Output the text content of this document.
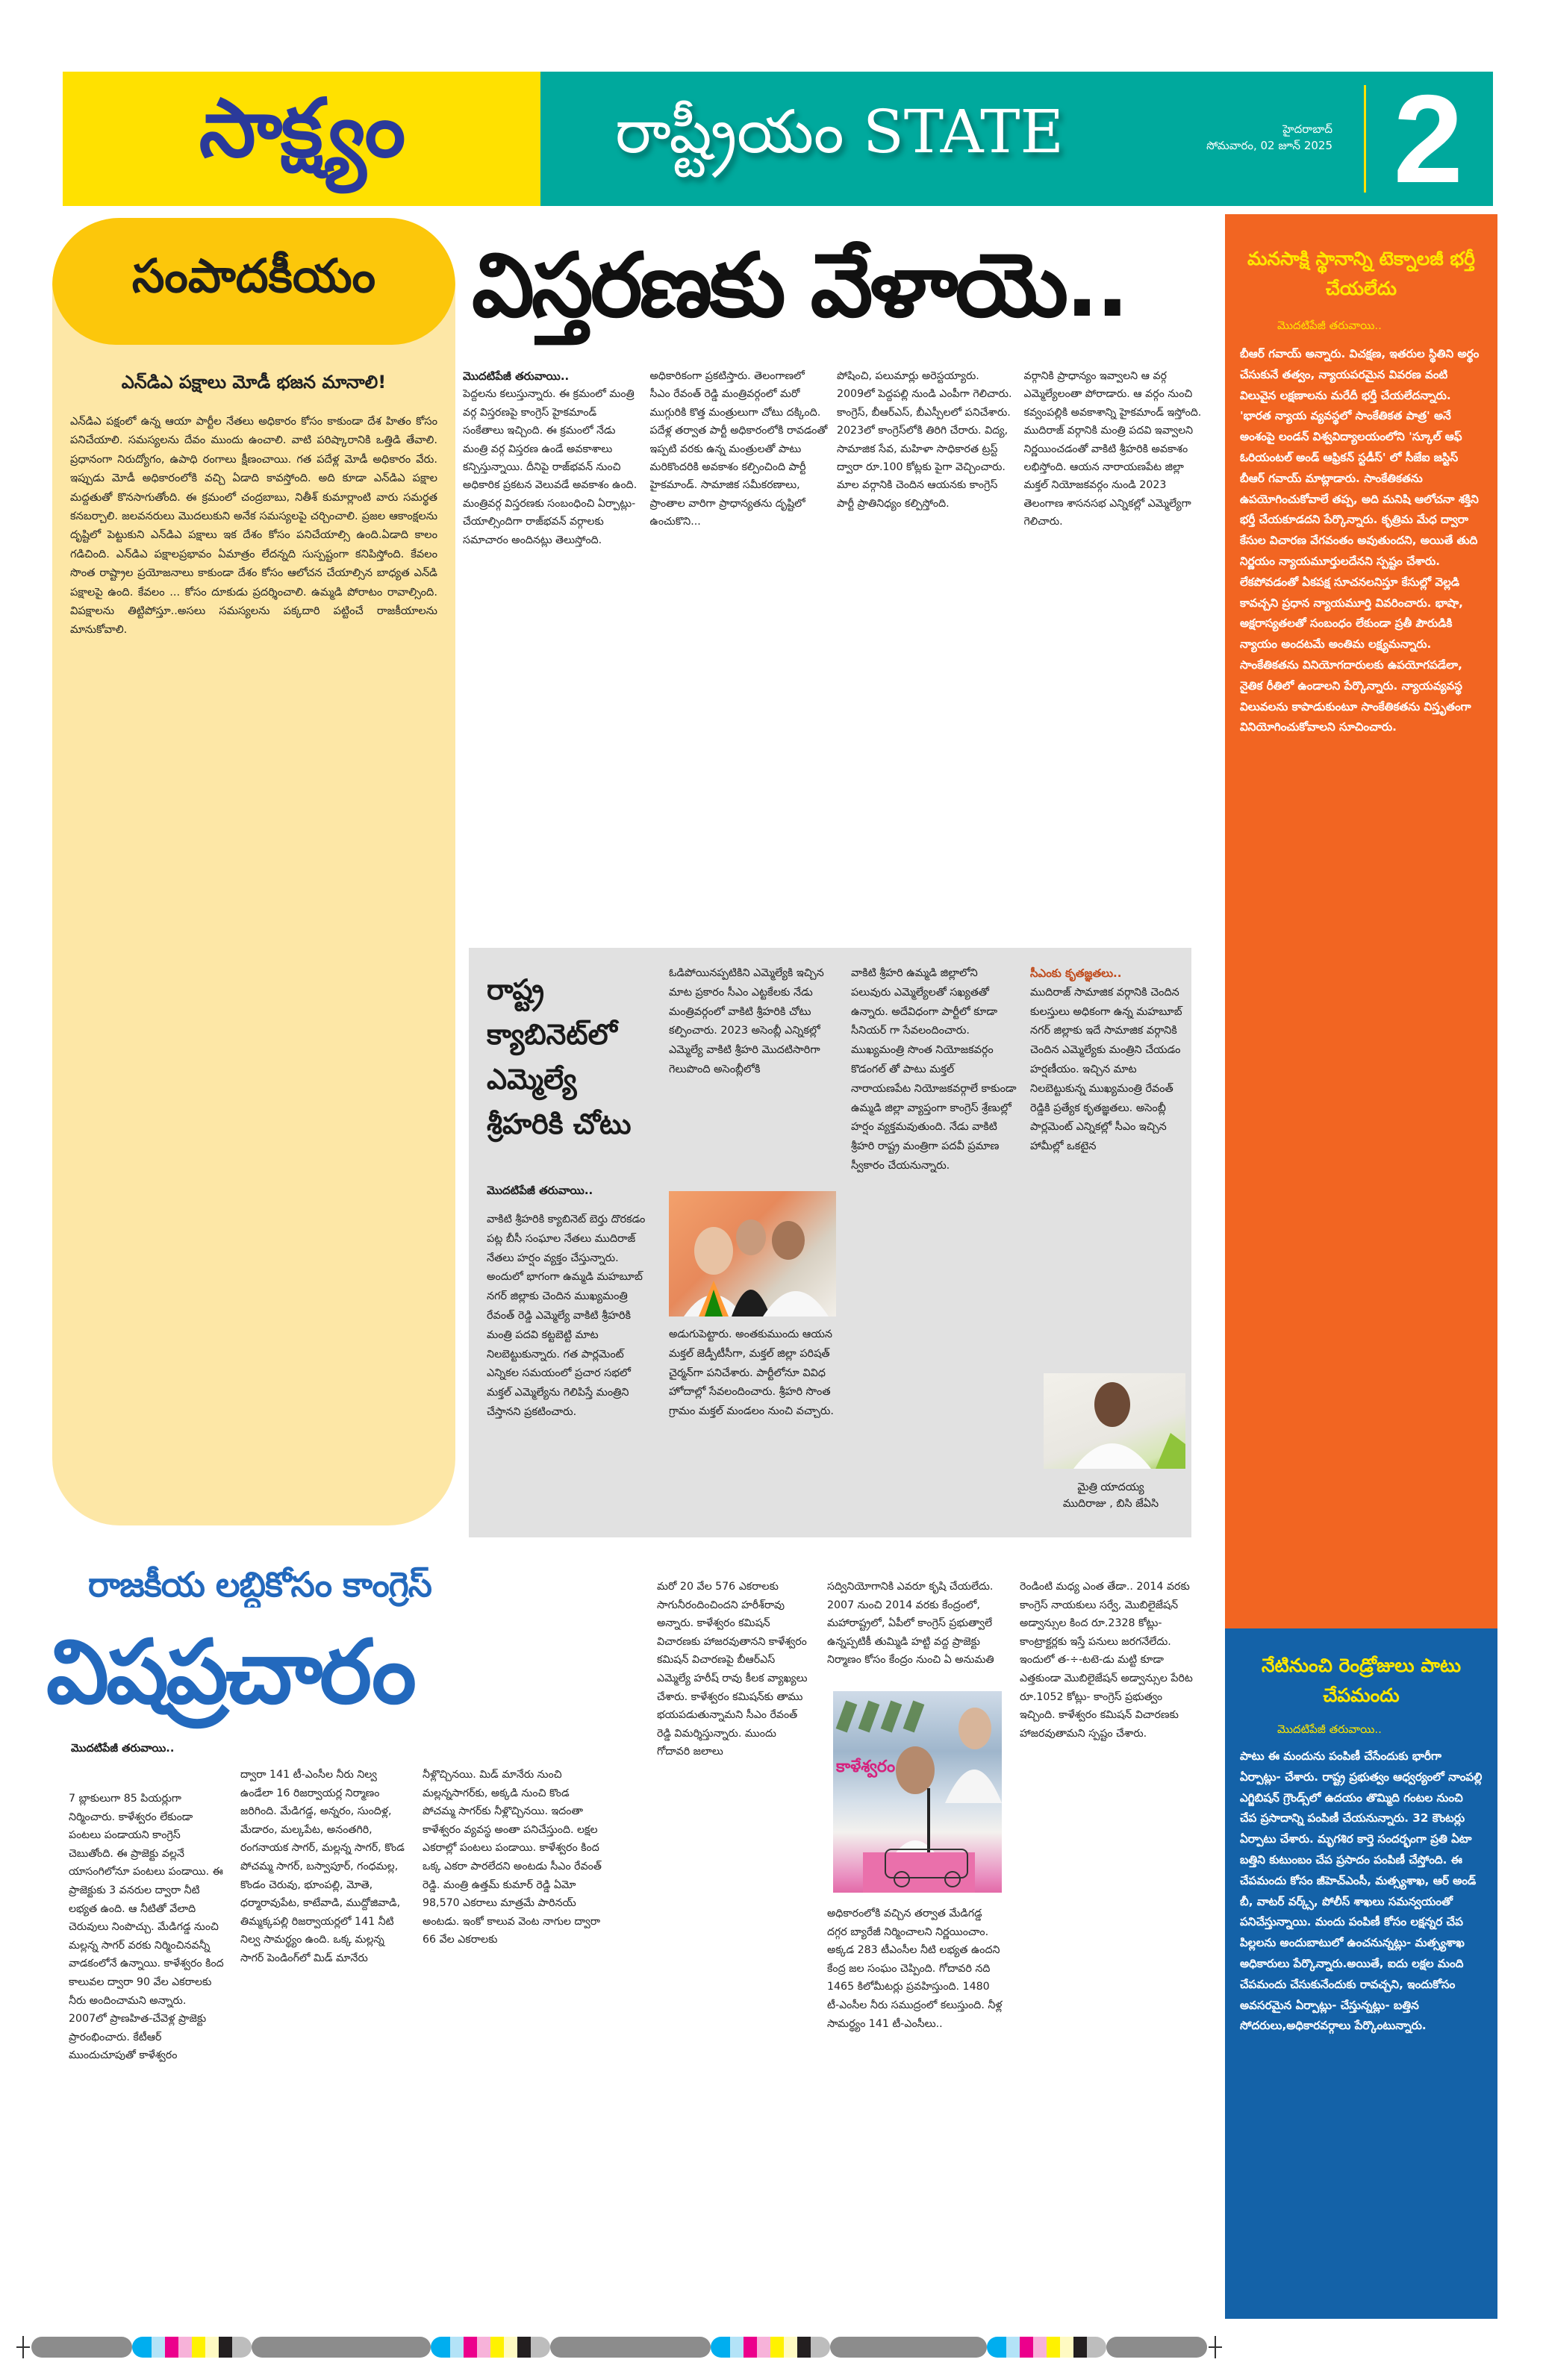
సాక్ష్యం	రాష్ట్రీయం STATE	హైదరాబాద్
సోమవారం, 02 జూన్ 2025 2
సంపాదకీయం
ఎన్‌డిఎ పక్షాలు మోడీ భజన మానాలి!

ఎన్‌డిఎ పక్షంలో ఉన్న ఆయా పార్టీల నేతలు అధికారం కోసం కాకుండా దేశ హితం కోసం పనిచేయాలి. సమస్యలను దేవం ముందు ఉంచాలి. వాటి పరిష్కారానికి ఒత్తిడి తేవాలి. ప్రధానంగా నిరుద్యోగం, ఉపాధి రంగాలు క్షీణంచాయి. గత పదేళ్ల మోడీ అధికారం వేరు. ఇప్పుడు మోడీ అధికారంలోకి వచ్చి ఏడాది కావస్తోంది. అది కూడా ఎన్‌డిఎ పక్షాల మద్దతుతో కొనసాగుతోంది. ఈ క్రమంలో చంద్రబాబు, నితీశ్ కుమార్లాంటి వారు సమర్థత కనబర్చాలి. జలవనరులు మొదలుకుని అనేక సమస్యలపై చర్చించాలి. ప్రజల ఆకాంక్షలను దృష్టిలో పెట్టుకుని ఎన్‌డిఎ పక్షాలు ఇక దేశం కోసం పనిచేయాల్సి ఉంది.ఏడాది కాలం గడిచింది. ఎన్‌డిఎ పక్షాలప్రభావం ఏమాత్రం లేదన్నది సుస్పష్టంగా కనిపిస్తోంది. కేవలం సొంత రాష్ట్రాల ప్రయోజనాలు కాకుండా దేశం కోసం ఆలోచన చేయాల్సిన బాధ్యత ఎన్‌డి పక్షాలపై ఉంది. కేవలం ... కోసం దూకుడు ప్రదర్శించాలి. ఉమ్మడి పోరాటం రావాల్సింది. విపక్షాలను తిట్టిపోస్తూ..అసలు సమస్యలను పక్కదారి పట్టించే రాజకీయాలను మానుకోవాలి.

విస్తరణకు వేళాయె..
మొదటిపేజీ తరువాయి..
పెద్దలను కలుస్తున్నారు. ఈ క్రమంలో మంత్రి వర్గ విస్తరణపై కాంగ్రెస్ హైకమాండ్ సంకేతాలు ఇచ్చింది. ఈ క్రమంలో నేడు మంత్రి వర్గ విస్తరణ ఉండే అవకాశాలు కన్పిస్తున్నాయి. దీనిపై రాజ్‌భవన్ నుంచి అధికారిక ప్రకటన వెలువడే అవకాశం ఉంది. మంత్రివర్గ విస్తరణకు సంబంధించి ఏర్పాట్లు- చేయాల్సిందిగా రాజ్‌భవన్ వర్గాలకు సమాచారం అందినట్లు తెలుస్తోంది.
అధికారికంగా ప్రకటిస్తారు. తెలంగాణలో సీఎం రేవంత్ రెడ్డి మంత్రివర్గంలో మరో ముగ్గురికి కొత్త మంత్రులుగా చోటు దక్కింది. పదేళ్ల తర్వాత పార్టీ అధికారంలోకి రావడంతో ఇప్పటి వరకు ఉన్న మంత్రులతో పాటు మరికొందరికి అవకాశం కల్పించింది పార్టీ హైకమాండ్. సామాజిక సమీకరణాలు, ప్రాంతాల వారిగా ప్రాధాన్యతను దృష్టిలో ఉంచుకొని...
పోషించి, పలుమార్లు అరెస్టయ్యారు. 2009లో పెద్దపల్లి నుండి ఎంపీగా గెలిచారు. కాంగ్రెస్, బీఆర్ఎస్, బీఎస్పీలలో పనిచేశారు. 2023లో కాంగ్రెస్‌లోకి తిరిగి చేరారు. విద్య, సామాజిక సేవ, మహిళా సాధికారత ట్రస్ట్ ద్వారా రూ.100 కోట్లకు పైగా వెచ్చించారు. మాల వర్గానికి చెందిన ఆయనకు కాంగ్రెస్ పార్టీ ప్రాతినిధ్యం కల్పిస్తోంది.
వర్గానికి ప్రాధాన్యం ఇవ్వాలని ఆ వర్గ ఎమ్మెల్యేలంతా పోరాడారు. ఆ వర్గం నుంచి కవ్వంపల్లికి అవకాశాన్ని హైకమాండ్ ఇస్తోంది. ముదిరాజ్ వర్గానికి మంత్రి పదవి ఇవ్వాలని నిర్ణయించడంతో వాకిటి శ్రీహరికి అవకాశం లభిస్తోంది. ఆయన నారాయణపేట జిల్లా మక్తల్ నియోజకవర్గం నుండి 2023 తెలంగాణ శాసనసభ ఎన్నికల్లో ఎమ్మెల్యేగా గెలిచారు.
రాష్ట్ర క్యాబినెట్‌లో ఎమ్మెల్యే శ్రీహరికి చోటు
మొదటిపేజీ తరువాయి..

వాకిటి శ్రీహరికి క్యాబినెట్ బెర్తు దొరకడం పట్ల బీసీ సంఘాల నేతలు ముదిరాజ్ నేతలు హర్షం వ్యక్తం చేస్తున్నారు. అందులో భాగంగా ఉమ్మడి మహబూబ్ నగర్ జిల్లాకు చెందిన ముఖ్యమంత్రి రేవంత్ రెడ్డి ఎమ్మెల్యే వాకిటి శ్రీహరికి మంత్రి పదవి కట్టబెట్టి మాట నిలబెట్టుకున్నారు. గత పార్లమెంట్ ఎన్నికల సమయంలో ప్రచార సభలో మక్తల్ ఎమ్మెల్యేను గెలిపిస్తే మంత్రిని చేస్తానని ప్రకటించారు.

ఓడిపోయినప్పటికిని ఎమ్మెల్యేకి ఇచ్చిన మాట ప్రకారం సీఎం ఎట్టకేలకు నేడు మంత్రివర్గంలో వాకిటి శ్రీహరికి చోటు కల్పించారు. 2023 అసెంబ్లీ ఎన్నికల్లో ఎమ్మెల్యే వాకిటి శ్రీహరి మొదటిసారిగా గెలుపొంది అసెంబ్లీలోకి

అడుగుపెట్టారు. అంతకుముందు ఆయన మక్తల్ జెడ్పీటీసీగా, మక్తల్ జిల్లా పరిషత్ చైర్మన్‌గా పనిచేశారు. పార్టీలోనూ వివిధ హోదాల్లో సేవలందించారు. శ్రీహరి సొంత గ్రామం మక్తల్ మండలం నుంచి వచ్చారు.

వాకిటి శ్రీహరి ఉమ్మడి జిల్లాలోని పలువురు ఎమ్మెల్యేలతో సఖ్యతతో ఉన్నారు. అదేవిధంగా పార్టీలో కూడా సీనియర్ గా సేవలందించారు. ముఖ్యమంత్రి సొంత నియోజకవర్గం కొడంగల్ తో పాటు మక్తల్ నారాయణపేట నియోజకవర్గాలే కాకుండా ఉమ్మడి జిల్లా వ్యాప్తంగా కాంగ్రెస్ శ్రేణుల్లో హర్షం వ్యక్తమవుతుంది. నేడు వాకిటి శ్రీహరి రాష్ట్ర మంత్రిగా పదవీ ప్రమాణ స్వీకారం చేయనున్నారు.

సీఎంకు కృతజ్ఞతలు..

ముదిరాజ్ సామాజిక వర్గానికి చెందిన కులస్తులు అధికంగా ఉన్న మహబూబ్ నగర్ జిల్లాకు ఇదే సామాజిక వర్గానికి చెందిన ఎమ్మెల్యేకు మంత్రిని చేయడం హర్షణీయం. ఇచ్చిన మాట నిలబెట్టుకున్న ముఖ్యమంత్రి రేవంత్ రెడ్డికి ప్రత్యేక కృతజ్ఞతలు. అసెంబ్లీ పార్లమెంట్ ఎన్నికల్లో సీఎం ఇచ్చిన హామీల్లో ఒకటైన

మైత్రి యాదయ్య
ముదిరాజు , బిసి జేఏసి
మనసాక్షి స్థానాన్ని టెక్నాలజీ భర్తీ చేయలేదు
మొదటిపేజీ తరువాయి..

బీఆర్ గవాయ్ అన్నారు. విచక్షణ, ఇతరుల స్థితిని అర్థం చేసుకునే తత్వం, న్యాయపరమైన వివరణ వంటి విలువైన లక్షణాలను మరేదీ భర్తీ చేయలేదన్నారు. 'భారత న్యాయ వ్యవస్థలో సాంకేతికత పాత్ర' అనే అంశంపై లండన్ విశ్వవిద్యాలయంలోని 'స్కూల్ ఆఫ్ ఓరియంటల్ అండ్ ఆఫ్రికన్ స్టడీస్' లో సీజేఐ జస్టిస్ బీఆర్ గవాయ్ మాట్లాడారు. సాంకేతికతను ఉపయోగించుకోవాలే తప్ప, అది మనిషి ఆలోచనా శక్తిని భర్తీ చేయకూడదని పేర్కొన్నారు. కృత్రిమ మేధ ద్వారా కేసుల విచారణ వేగవంతం అవుతుందని, అయితే తుది నిర్ణయం న్యాయమూర్తులదేనని స్పష్టం చేశారు. లేకపోవడంతో ఏకపక్ష సూచనలనిస్తూ కేసుల్లో వెల్లడి కావచ్చని ప్రధాన న్యాయమూర్తి వివరించారు. భాషా, అక్షరాస్యతలతో సంబంధం లేకుండా ప్రతీ పౌరుడికి న్యాయం అందటమే అంతిమ లక్ష్యమన్నారు. సాంకేతికతను వినియోగదారులకు ఉపయోగపడేలా, నైతిక రీతిలో ఉండాలని పేర్కొన్నారు. న్యాయవ్యవస్థ విలువలను కాపాడుకుంటూ సాంకేతికతను విస్తృతంగా వినియోగించుకోవాలని సూచించారు.

నేటినుంచి రెండ్రోజులు పాటు చేపమందు
మొదటిపేజీ తరువాయి..

పాటు ఈ మందును పంపిణీ చేసేందుకు భారీగా ఏర్పాట్లు- చేశారు. రాష్ట్ర ప్రభుత్వం ఆధ్వర్యంలో నాంపల్లి ఎగ్జిబిషన్ గ్రౌండ్స్‌లో ఉదయం తొమ్మిది గంటల నుంచి చేప ప్రసాదాన్ని పంపిణీ చేయనున్నారు. 32 కౌంటర్లు ఏర్పాటు చేశారు. మృగశిర కార్తె సందర్భంగా ప్రతి ఏటా బత్తిని కుటుంబం చేప ప్రసాదం పంపిణీ చేస్తోంది. ఈ చేపమందు కోసం జీహెచ్ఎంసీ, మత్స్యశాఖ, ఆర్ అండ్ బీ, వాటర్ వర్క్స్, పోలీస్ శాఖలు సమన్వయంతో పనిచేస్తున్నాయి. మందు పంపిణీ కోసం లక్షన్నర చేప పిల్లలను అందుబాటులో ఉంచనున్నట్లు- మత్స్యశాఖ అధికారులు పేర్కొన్నారు.అయితే, ఐదు లక్షల మంది చేపమందు చేసుకునేందుకు రావచ్చని, ఇందుకోసం అవసరమైన ఏర్పాట్లు- చేస్తున్నట్లు- బత్తిన సోదరులు,అధికారవర్గాలు పేర్కొంటున్నారు.

రాజకీయ లబ్ధికోసం కాంగ్రెస్
విషప్రచారం
మొదటిపేజీ తరువాయి..

7 బ్లాకులుగా 85 పియర్లుగా నిర్మించారు. కాళేశ్వరం లేకుండా పంటలు పండాయని కాంగ్రెస్ చెబుతోంది. ఈ ప్రాజెక్టు వల్లనే యాసంగిలోనూ పంటలు పండాయి. ఈ ప్రాజెక్టుకు 3 వనరుల ద్వారా నీటి లభ్యత ఉంది. ఆ నీటితో వేలాది చెరువులు నింపొచ్చు. మేడిగడ్డ నుంచి మల్లన్న సాగర్ వరకు నిర్మించినవన్నీ వాడకంలోనే ఉన్నాయి. కాళేశ్వరం కింద కాలువల ద్వారా 90 వేల ఎకరాలకు నీరు అందించామని అన్నారు. 2007లో ప్రాణహిత-చేవెళ్ల ప్రాజెక్టు ప్రారంభించారు. కేటీఆర్ ముందుచూపుతో కాళేశ్వరం

ద్వారా 141 టీ-ఎంసీల నీరు నిల్వ ఉండేలా 16 రిజర్వాయర్ల నిర్మాణం జరిగింది. మేడిగడ్డ, అన్నరం, సుందిళ్ల, మేడారం, మల్కపేట, అనంతగిరి, రంగనాయక సాగర్, మల్లన్న సాగర్, కొండ పోచమ్మ సాగర్, బస్వాపూర్, గంధమల్ల, కొండం చెరువు, భూంపల్లి, మోతె, ధర్మారావుపేట, కాటేవాడి, ముద్దోజివాడి, తిమ్మక్కపల్లి రిజర్వాయర్లలో 141 నీటి నిల్వ సామర్థ్యం ఉంది. ఒక్క మల్లన్న సాగర్ పెండింగ్‌లో మిడ్ మానేరు

నీళ్లొచ్చినయి. మిడ్ మానేరు నుంచి మల్లన్నసాగర్‌కు, అక్కడి నుంచి కొండ పోచమ్మ సాగర్‌కు నీళ్లొచ్చినయి. ఇదంతా కాళేశ్వరం వ్యవస్థ అంతా పనిచేస్తుంది. లక్షల ఎకరాల్లో పంటలు పండాయి. కాళేశ్వరం కింద ఒక్క ఎకరా పారలేదని అంటడు సీఎం రేవంత్ రెడ్డి. మంత్రి ఉత్తమ్ కుమార్ రెడ్డి ఏమో 98,570 ఎకరాలు మాత్రమే పారినయ్ అంటడు. ఇంకో కాలువ వెంట నాగుల ద్వారా 66 వేల ఎకరాలకు

మరో 20 వేల 576 ఎకరాలకు సాగునీరందించిందని హరీశ్‌రావు అన్నారు. కాళేశ్వరం కమిషన్ విచారణకు హాజరవుతానని కాళేశ్వరం కమిషన్ విచారణపై బీఆర్ఎస్ ఎమ్మెల్యే హరీష్ రావు కీలక వ్యాఖ్యలు చేశారు. కాళేశ్వరం కమిషన్‌కు తాము భయపడుతున్నామని సీఎం రేవంత్ రెడ్డి విమర్శిస్తున్నారు. ముందు గోదావరి జలాలు

సద్వినియోగానికి ఎవరూ కృషి చేయలేదు. 2007 నుంచి 2014 వరకు కేంద్రంలో, మహారాష్ట్రలో, ఏపీలో కాంగ్రెస్ ప్రభుత్వాలే ఉన్నప్పటికీ తుమ్మిడి హట్టి వద్ద ప్రాజెక్టు నిర్మాణం కోసం కేంద్రం నుంచి ఏ అనుమతి

కాళేశ్వరం

అధికారంలోకి వచ్చిన తర్వాత మేడిగడ్డ దగ్గర బ్యారేజీ నిర్మించాలని నిర్ణయించాం. అక్కడ 283 టీఎంసీల నీటి లభ్యత ఉందని కేంద్ర జల సంఘం చెప్పింది. గోదావరి నది 1465 కిలోమీటర్లు ప్రవహిస్తుంది. 1480 టీ-ఎంసీల నీరు సముద్రంలో కలుస్తుంది. నీళ్ల సామర్థ్యం 141 టీ-ఎంసీలు..

రెండింటి మధ్య ఎంత తేడా.. 2014 వరకు కాంగ్రెస్ నాయకులు సర్వే, మొబిలైజేషన్ అడ్వాన్సుల కింద రూ.2328 కోట్లు- కాంట్రాక్టర్లకు ఇస్తే పనులు జరగనేలేదు. ఇందులో త-÷-టటె-డు మట్టి కూడా ఎత్తకుండా మొబిలైజేషన్ అడ్వాన్సుల పేరిట రూ.1052 కోట్లు- కాంగ్రెస్ ప్రభుత్వం ఇచ్చింది. కాళేశ్వరం కమిషన్ విచారణకు హాజరవుతామని స్పష్టం చేశారు.
